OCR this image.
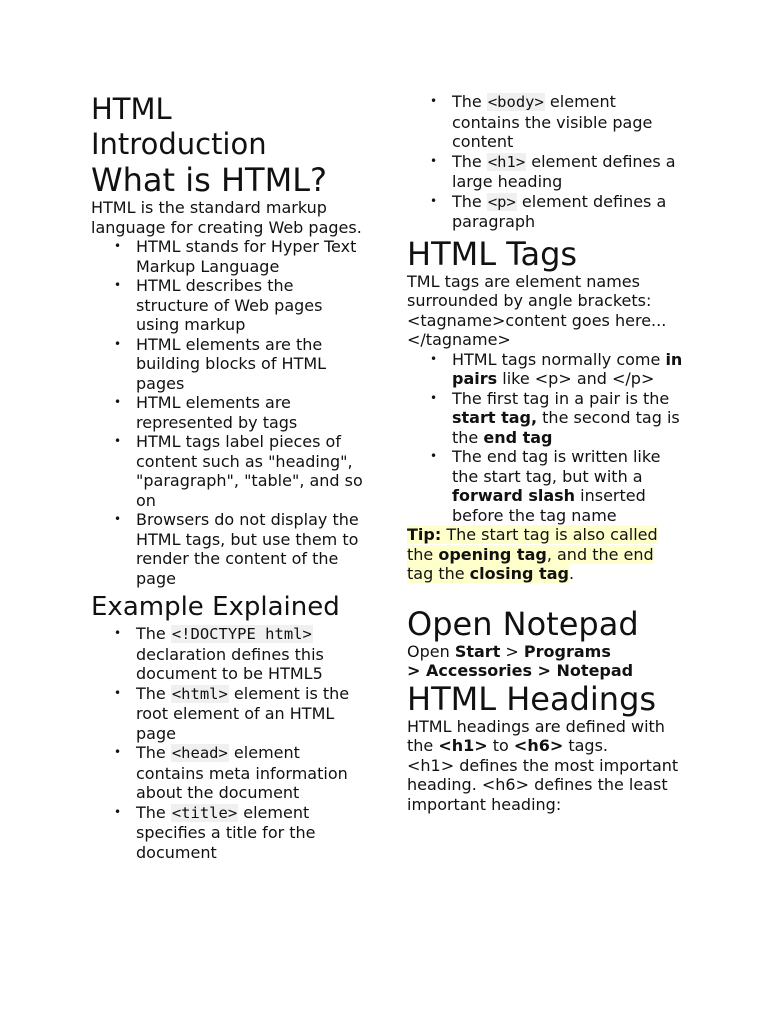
HTML Introduction
What is HTML?

HTML is the standard markup language for creating Web pages.

• HTML stands for Hyper Text Markup Language
• HTML describes the structure of Web pages using markup
• HTML elements are the building blocks of HTML pages
• HTML elements are represented by tags
• HTML tags label pieces of content such as "heading", "paragraph", "table", and so on
• Browsers do not display the HTML tags, but use them to render the content of the page
Example Explained
• The <!DOCTYPE html> declaration defines this document to be HTML5
• The <html> element is the root element of an HTML page
• The <head> element contains meta information about the document
• The <title> element specifies a title for the document
• The <body> element contains the visible page content
• The <h1> element defines a large heading
• The <p> element defines a paragraph
HTML Tags

TML tags are element names surrounded by angle brackets:

<tagname>content goes here...</tagname>

• HTML tags normally come in pairs like <p> and </p>
• The first tag in a pair is the start tag, the second tag is the end tag
• The end tag is written like the start tag, but with a forward slash inserted before the tag name

Tip: The start tag is also called the opening tag, and the end tag the closing tag.

Open Notepad

Open Start > Programs
> Accessories > Notepad

HTML Headings

HTML headings are defined with the <h1> to <h6> tags.

<h1> defines the most important heading. <h6> defines the least important heading:
